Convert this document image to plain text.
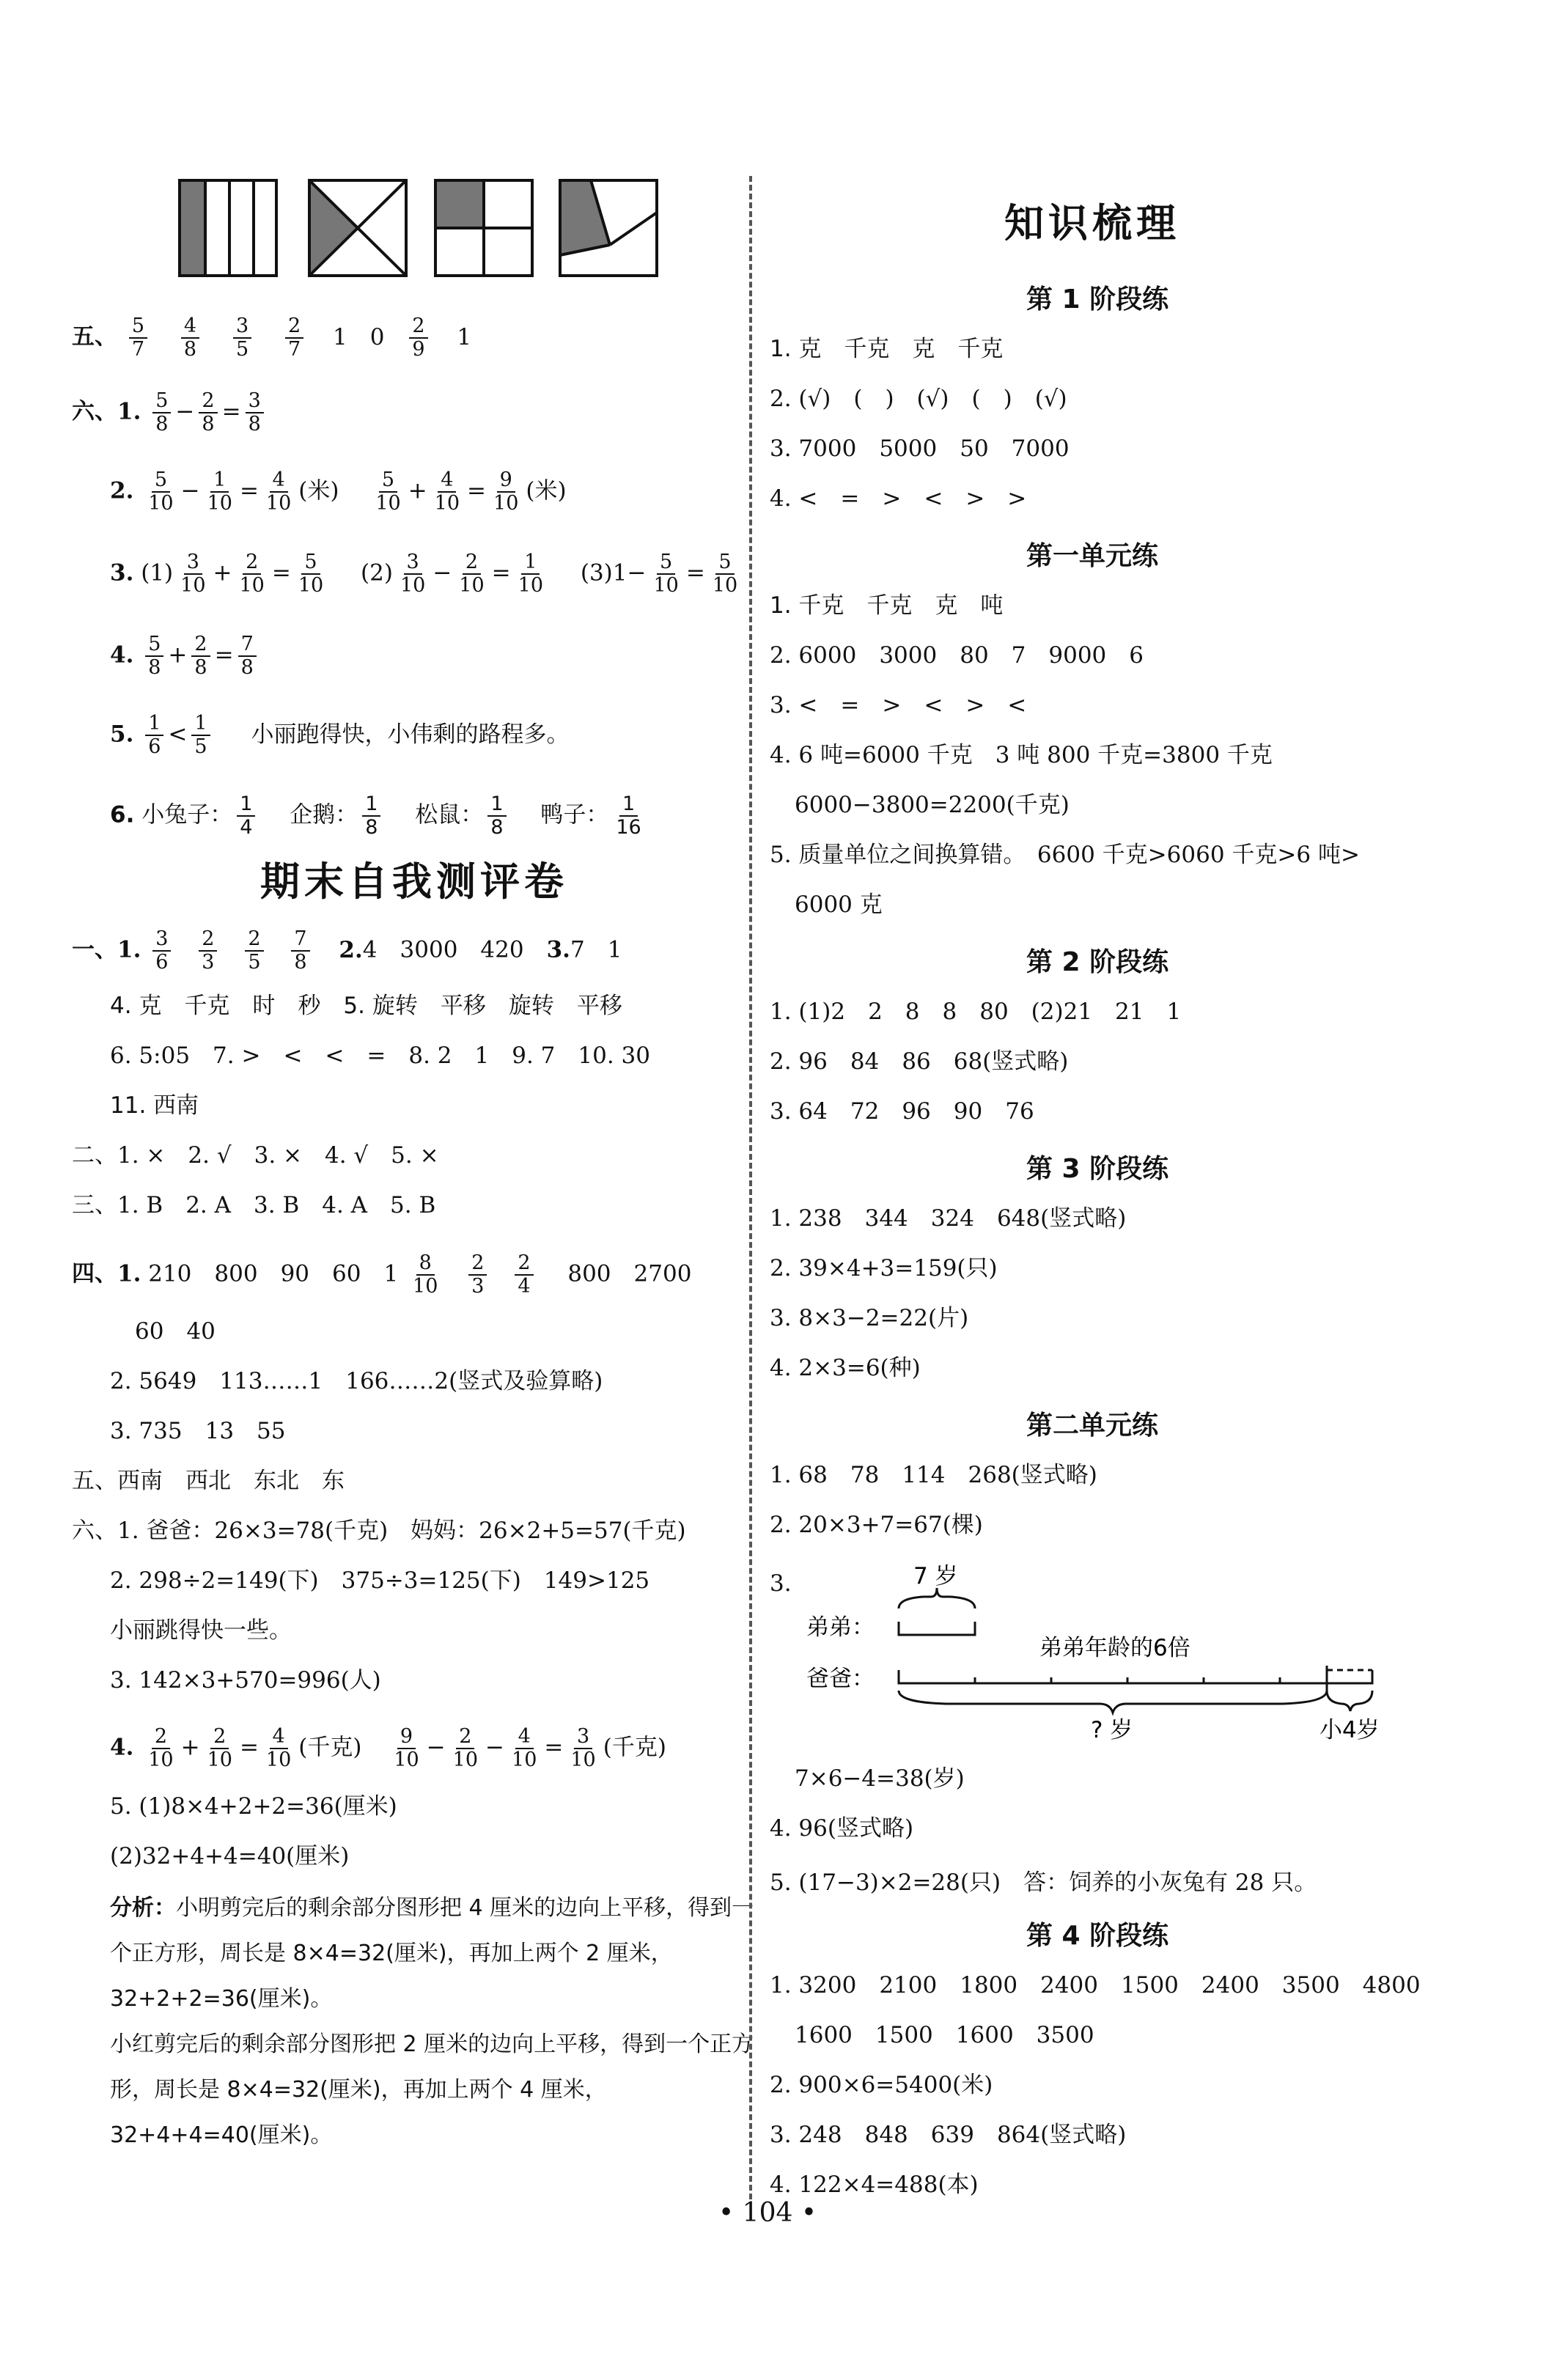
五、 $\frac{5}{7}$
$\frac{4}{8}$
$\frac{3}{5}$
$\frac{2}{7} 1$　$0 \frac{2}{9} 1$
六、1. $\frac{5}{8} - \frac{2}{8} = \frac{3}{8}$
2. $\frac{5}{10} - \frac{1}{10} = \frac{4}{10}$ (米) $\frac{5}{10} + \frac{4}{10} = \frac{9}{10}$ (米)
3. $(1) \frac{3}{10} + \frac{2}{10} = \frac{5}{10}$ 　$(2) \frac{3}{10} - \frac{2}{10} = \frac{1}{10}$ 　$(3)1- \frac{5}{10} = \frac{5}{10}$
4. $\frac{5}{8} + \frac{2}{8} = \frac{7}{8}$
5. $\frac{1}{6} < \frac{1}{5}$ 小丽跑得快，小伟剩的路程多。
6. 小兔子： $\frac{1}{4}$ 　企鹅： $\frac{1}{8}$ 　松鼠： $\frac{1}{8}$ 　鸭子： $\frac{1}{16}$
期末自我测评卷
一、1. $\frac{3}{6}$
$\frac{2}{3}$
$\frac{2}{5}$
$\frac{7}{8} 2.4$　3000　420　3.7　1
4. 克　千克　时　秒　5. 旋转　平移　旋转　平移
6. 5:05　7. >　<　<　=　8. 2　1　9. 7　10. 30
11. 西南
二、1. ×　2. √　3. ×　4. √　5. ×
三、1. B　2. A　3. B　4. A　5. B
四、1. 210　800　90　60　$1 \frac{8}{10}$
$\frac{2}{3}$
$\frac{2}{4}$ 　800　2700
60　40
2. 5649　113……1　166……2(竖式及验算略)
3. 735　13　55
五、西南　西北　东北　东
六、1. 爸爸：26×3=78(千克)　妈妈：26×2+5=57(千克)
2. 298÷2=149(下)　375÷3=125(下)　149>125
小丽跳得快一些。
3. 142×3+570=996(人)
4. $\frac{2}{10} + \frac{2}{10} = \frac{4}{10}$ (千克) $\frac{9}{10} - \frac{2}{10} - \frac{4}{10} = \frac{3}{10}$ (千克)
5. (1)8×4+2+2=36(厘米)
(2)32+4+4=40(厘米)
分析：小明剪完后的剩余部分图形把 4 厘米的边向上平移，得到一个正方形，周长是 8×4=32(厘米)，再加上两个 2 厘米，32+2+2=36(厘米)。
小红剪完后的剩余部分图形把 2 厘米的边向上平移，得到一个正方形，周长是 8×4=32(厘米)，再加上两个 4 厘米，32+4+4=40(厘米)。
知识梳理
第 1 阶段练
1. 克　千克　克　千克
2. (√)　(　)　(√)　(　)　(√)
3. 7000　5000　50　7000
4. <　=　>　<　>　>
第一单元练
1. 千克　千克　克　吨
2. 6000　3000　80　7　9000　6
3. <　=　>　<　>　<
4. 6 吨=6000 千克　3 吨 800 千克=3800 千克
6000−3800=2200(千克)
5. 质量单位之间换算错。　6600 千克>6060 千克>6 吨>
6000 克
第 2 阶段练
1. (1)2　2　8　8　80　(2)21　21　1
2. 96　84　86　68(竖式略)
3. 64　72　96　90　76
第 3 阶段练
1. 238　344　324　648(竖式略)
2. 39×4+3=159(只)
3. 8×3−2=22(片)
4. 2×3=6(种)
第二单元练
1. 68　78　114　268(竖式略)
2. 20×3+7=67(棵)
3.	7 岁
弟弟：
弟弟年龄的6倍
爸爸：
? 岁	小4岁
7×6−4=38(岁)
4. 96(竖式略)
5. (17−3)×2=28(只)　答：饲养的小灰兔有 28 只。
第 4 阶段练
1. 3200　2100　1800　2400　1500　2400　3500　4800
1600　1500　1600　3500
2. 900×6=5400(米)
3. 248　848　639　864(竖式略)
4. 122×4=488(本)
• 104 •
